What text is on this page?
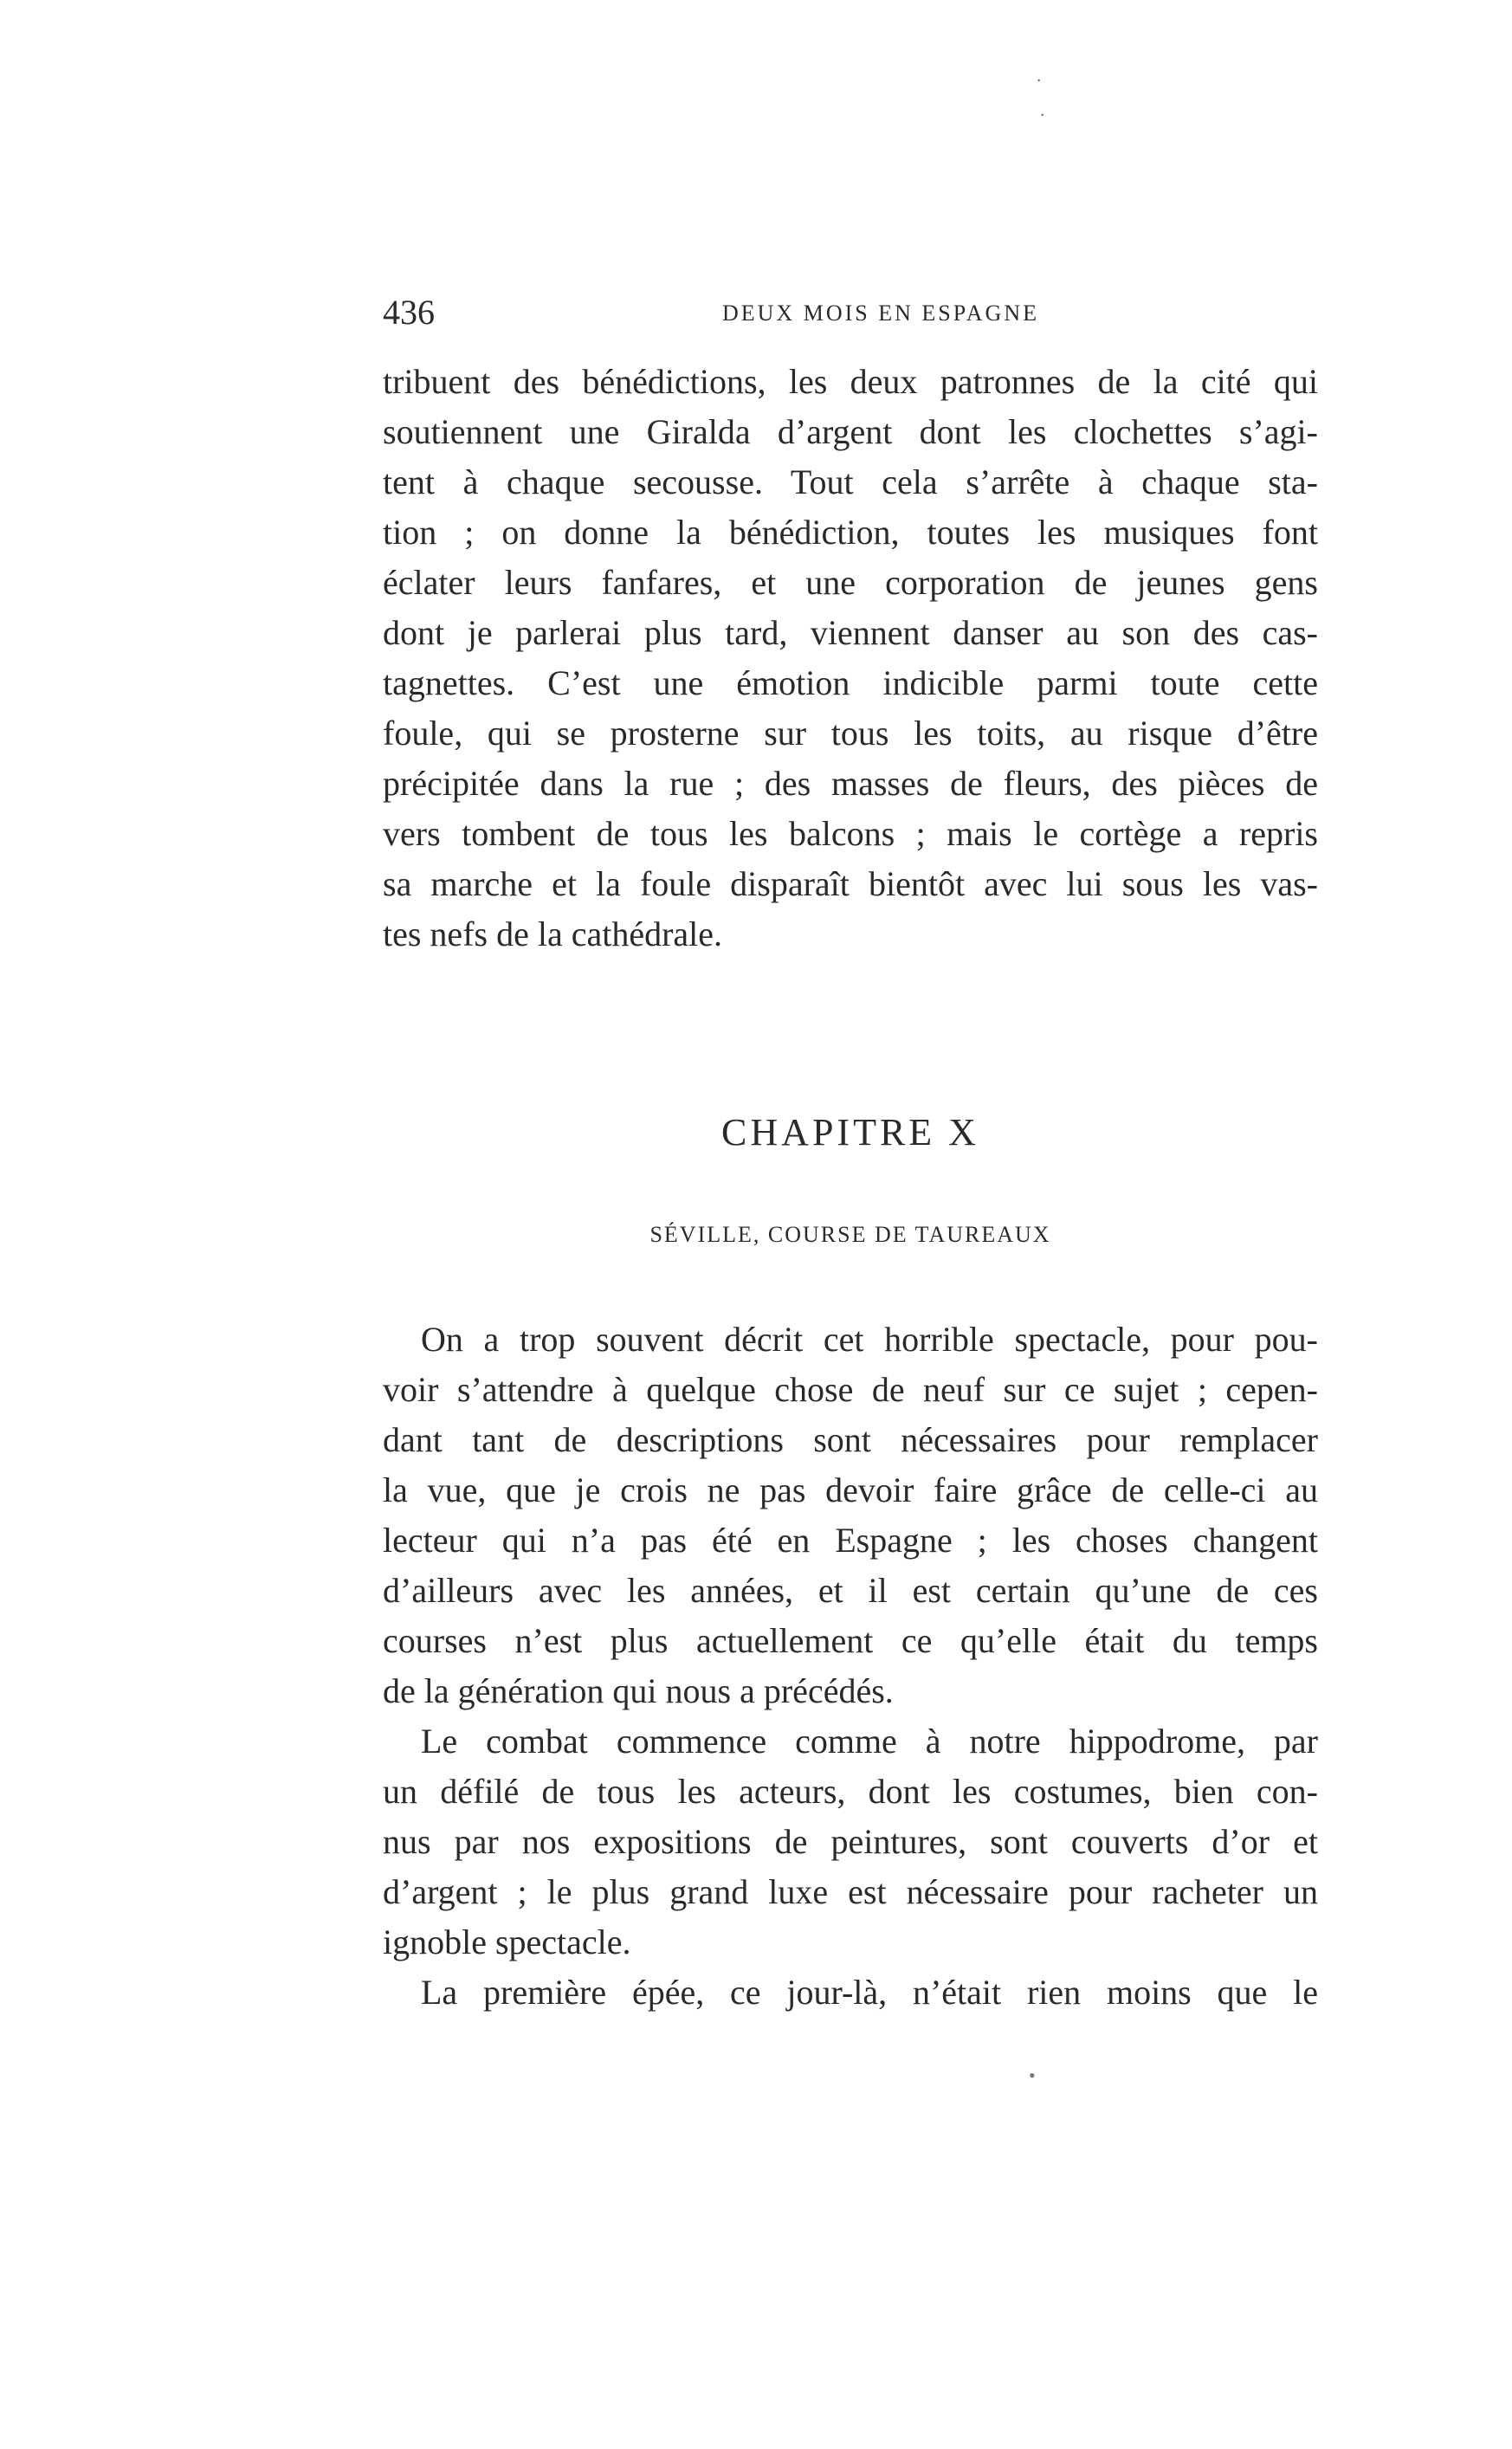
436	DEUX MOIS EN ESPAGNE
tribuent des bénédictions, les deux patronnes de la cité qui
soutiennent une Giralda d’argent dont les clochettes s’agi-
tent à chaque secousse. Tout cela s’arrête à chaque sta-
tion ; on donne la bénédiction, toutes les musiques font
éclater leurs fanfares, et une corporation de jeunes gens
dont je parlerai plus tard, viennent danser au son des cas-
tagnettes. C’est une émotion indicible parmi toute cette
foule, qui se prosterne sur tous les toits, au risque d’être
précipitée dans la rue ; des masses de fleurs, des pièces de
vers tombent de tous les balcons ; mais le cortège a repris
sa marche et la foule disparaît bientôt avec lui sous les vas-
tes nefs de la cathédrale.
CHAPITRE X
SÉVILLE, COURSE DE TAUREAUX
On a trop souvent décrit cet horrible spectacle, pour pou-
voir s’attendre à quelque chose de neuf sur ce sujet ; cepen-
dant tant de descriptions sont nécessaires pour remplacer
la vue, que je crois ne pas devoir faire grâce de celle-ci au
lecteur qui n’a pas été en Espagne ; les choses changent
d’ailleurs avec les années, et il est certain qu’une de ces
courses n’est plus actuellement ce qu’elle était du temps
de la génération qui nous a précédés.
Le combat commence comme à notre hippodrome, par
un défilé de tous les acteurs, dont les costumes, bien con-
nus par nos expositions de peintures, sont couverts d’or et
d’argent ; le plus grand luxe est nécessaire pour racheter un
ignoble spectacle.
La première épée, ce jour-là, n’était rien moins que le
•
·
·
